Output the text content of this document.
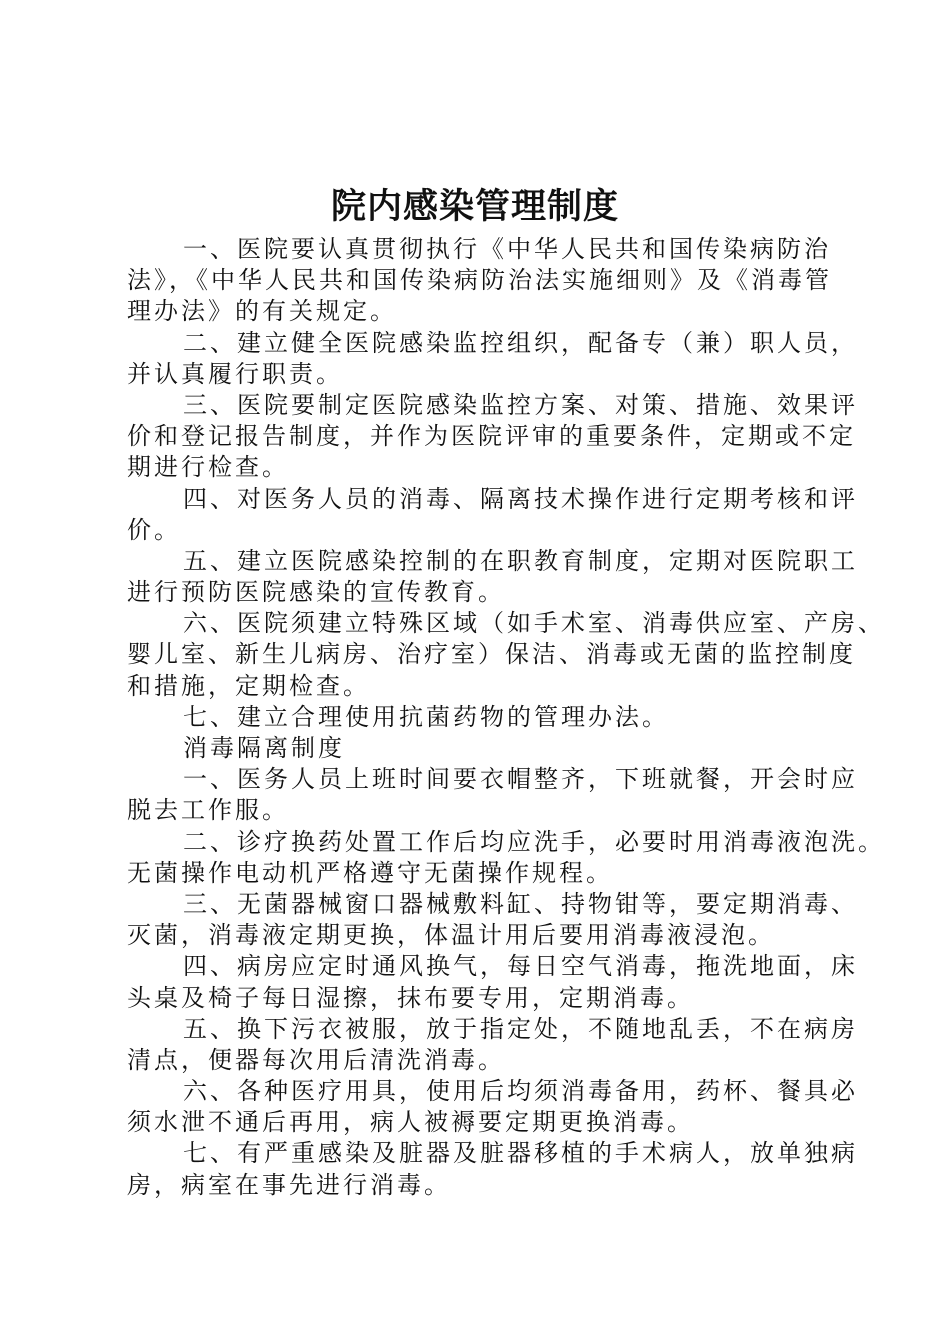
院内感染管理制度
一、医院要认真贯彻执行《中华人民共和国传染病防治
法》，《中华人民共和国传染病防治法实施细则》及《消毒管
理办法》的有关规定。
二、建立健全医院感染监控组织，配备专（兼）职人员，
并认真履行职责。
三、医院要制定医院感染监控方案、对策、措施、效果评
价和登记报告制度，并作为医院评审的重要条件，定期或不定
期进行检查。
四、对医务人员的消毒、隔离技术操作进行定期考核和评
价。
五、建立医院感染控制的在职教育制度，定期对医院职工
进行预防医院感染的宣传教育。
六、医院须建立特殊区域（如手术室、消毒供应室、产房、
婴儿室、新生儿病房、治疗室）保洁、消毒或无菌的监控制度
和措施，定期检查。
七、建立合理使用抗菌药物的管理办法。
消毒隔离制度
一、医务人员上班时间要衣帽整齐，下班就餐，开会时应
脱去工作服。
二、诊疗换药处置工作后均应洗手，必要时用消毒液泡洗。
无菌操作电动机严格遵守无菌操作规程。
三、无菌器械窗口器械敷料缸、持物钳等，要定期消毒、
灭菌，消毒液定期更换，体温计用后要用消毒液浸泡。
四、病房应定时通风换气，每日空气消毒，拖洗地面，床
头桌及椅子每日湿擦，抹布要专用，定期消毒。
五、换下污衣被服，放于指定处，不随地乱丢，不在病房
清点，便器每次用后清洗消毒。
六、各种医疗用具，使用后均须消毒备用，药杯、餐具必
须水泄不通后再用，病人被褥要定期更换消毒。
七、有严重感染及脏器及脏器移植的手术病人，放单独病
房，病室在事先进行消毒。
